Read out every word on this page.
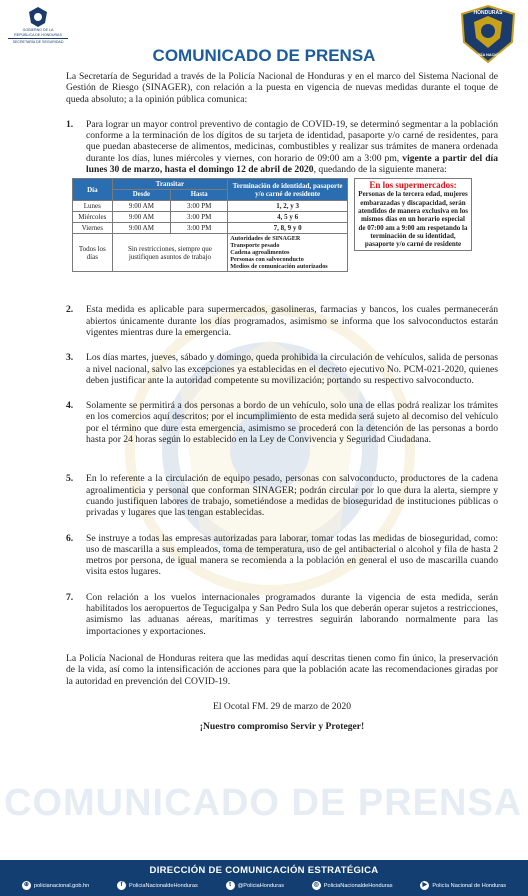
COMUNICADO DE PRENSA
GOBIERNO DE LA
REPÚBLICA DE HONDURAS
SECRETARÍA DE SEGURIDAD
COMUNICADO DE PRENSA
HONDURAS
POLICÍA NACIONAL

La Secretaría de Seguridad a través de la Policía Nacional de Honduras y en el marco del Sistema Nacional de Gestión de Riesgo (SINAGER), con relación a la puesta en vigencia de nuevas medidas durante el toque de queda absoluto; a la opinión pública comunica:

1. Para lograr un mayor control preventivo de contagio de COVID-19, se determinó segmentar a la población conforme a la terminación de los dígitos de su tarjeta de identidad, pasaporte y/o carné de residentes, para que puedan abastecerse de alimentos, medicinas, combustibles y realizar sus trámites de manera ordenada durante los días, lunes miércoles y viernes, con horario de 09:00 am a 3:00 pm, vigente a partir del día lunes 30 de marzo, hasta el domingo 12 de abril de 2020, quedando de la siguiente manera:

Día	Transitar		Terminación de identidad, pasaporte y/o carné de residente
	Desde	Hasta	
Lunes	9:00 AM	3:00 PM	1, 2, y 3
Miércoles	9:00 AM	3:00 PM	4, 5 y 6
Viernes	9:00 AM	3:00 PM	7, 8, 9 y 0
Todos los días	Sin restricciones, siempre que justifiquen asuntos de trabajo		Autoridades de SINAGER
Transporte pesado
Cadena agroalimentos
Personas con salvoconducto
Medios de comunicación autorizados
En los supermercados:
Personas de la tercera edad, mujeres embarazadas y discapacidad, serán atendidos de manera exclusiva en los mismos días en un horario especial de 07:00 am a 9:00 am respetando la terminación de su identidad, pasaporte y/o carné de residente
2. Esta medida es aplicable para supermercados, gasolineras, farmacias y bancos, los cuales permanecerán abiertos únicamente durante los días programados, asimismo se informa que los salvoconductos estarán vigentes mientras dure la emergencia.

3. Los días martes, jueves, sábado y domingo, queda prohibida la circulación de vehículos, salida de personas a nivel nacional, salvo las excepciones ya establecidas en el decreto ejecutivo No. PCM-021-2020, quienes deben justificar ante la autoridad competente su movilización; portando su respectivo salvoconducto.

4. Solamente se permitirá a dos personas a bordo de un vehículo, solo una de ellas podrá realizar los trámites en los comercios aquí descritos; por el incumplimiento de esta medida será sujeto al decomiso del vehículo por el término que dure esta emergencia, asimismo se procederá con la detención de las personas a bordo hasta por 24 horas según lo establecido en la Ley de Convivencia y Seguridad Ciudadana.

5. En lo referente a la circulación de equipo pesado, personas con salvoconducto, productores de la cadena agroalimenticia y personal que conforman SINAGER; podrán circular por lo que dura la alerta, siempre y cuando justifiquen labores de trabajo, sometiéndose a medidas de bioseguridad de instituciones públicas o privadas y lugares que las tengan establecidas.

6. Se instruye a todas las empresas autorizadas para laborar, tomar todas las medidas de bioseguridad, como: uso de mascarilla a sus empleados, toma de temperatura, uso de gel antibacterial o alcohol y fila de hasta 2 metros por persona, de igual manera se recomienda a la población en general el uso de mascarilla cuando visita estos lugares.

7. Con relación a los vuelos internacionales programados durante la vigencia de esta medida, serán habilitados los aeropuertos de Tegucigalpa y San Pedro Sula los que deberán operar sujetos a restricciones, asimismo las aduanas aéreas, marítimas y terrestres seguirán laborando normalmente para las importaciones y exportaciones.

La Policía Nacional de Honduras reitera que las medidas aquí descritas tienen como fin único, la preservación de la vida, así como la intensificación de acciones para que la población acate las recomendaciones giradas por la autoridad en prevención del COVID-19.

El Ocotal FM. 29 de marzo de 2020
¡Nuestro compromiso Servir y Proteger!
DIRECCIÓN DE COMUNICACIÓN ESTRATÉGICA
⊕ policianacional.gob.hn	f	PoliciaNacionaldeHonduras	t	@PoliciaHonduras	◎ PoliciaNacionaldeHonduras	▶ Policía Nacional de Honduras
